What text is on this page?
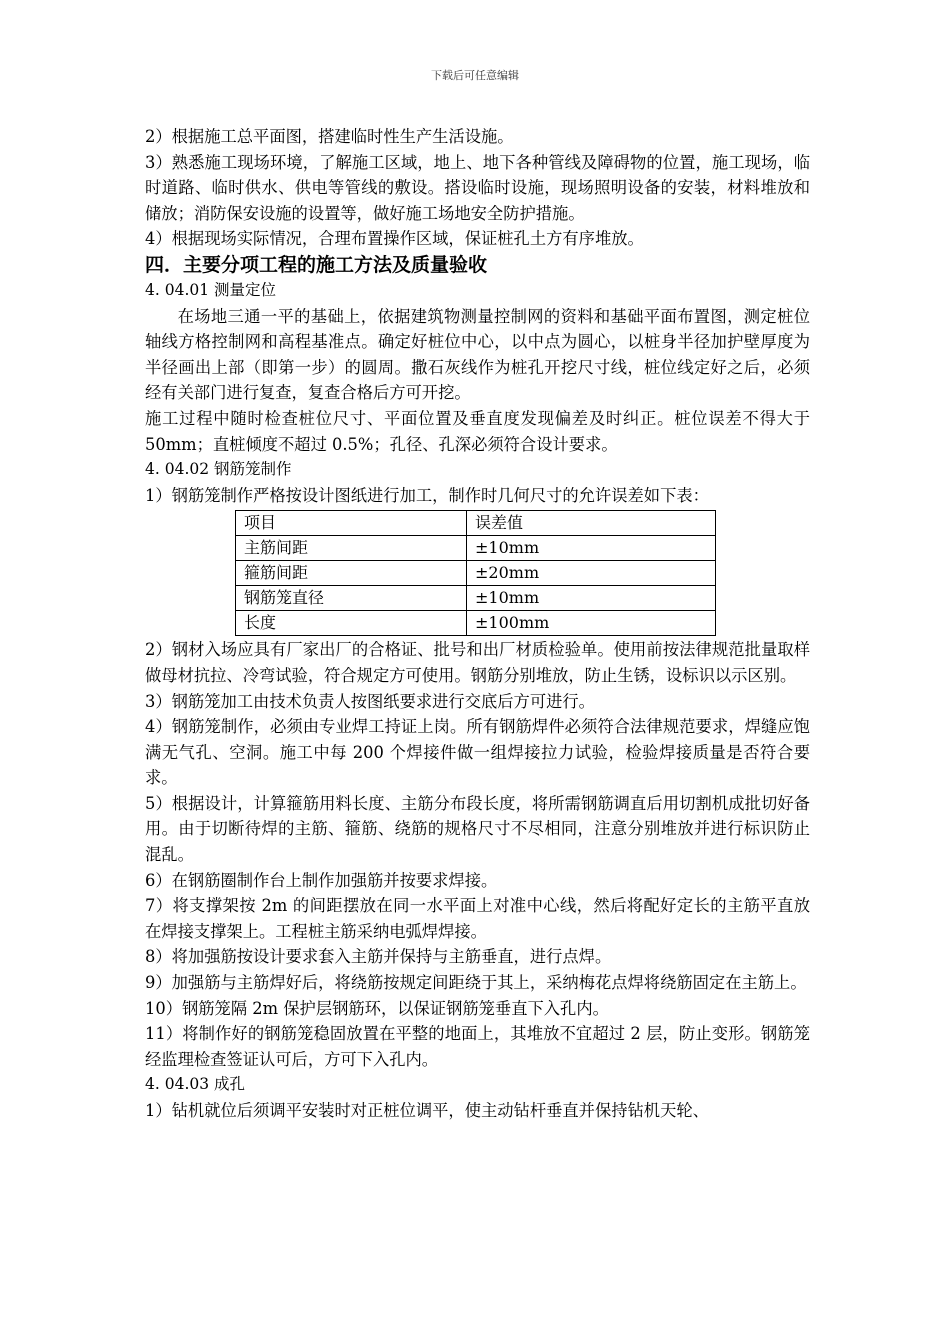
下载后可任意编辑

2）根据施工总平面图，搭建临时性生产生活设施。

3）熟悉施工现场环境，了解施工区域，地上、地下各种管线及障碍物的位置，施工现场，临时道路、临时供水、供电等管线的敷设。搭设临时设施，现场照明设备的安装，材料堆放和储放；消防保安设施的设置等，做好施工场地安全防护措施。

4）根据现场实际情况，合理布置操作区域，保证桩孔土方有序堆放。

四．主要分项工程的施工方法及质量验收

4. 04.01 测量定位

在场地三通一平的基础上，依据建筑物测量控制网的资料和基础平面布置图，测定桩位轴线方格控制网和高程基准点。确定好桩位中心，以中点为圆心，以桩身半径加护壁厚度为半径画出上部（即第一步）的圆周。撒石灰线作为桩孔开挖尺寸线，桩位线定好之后，必须经有关部门进行复查，复查合格后方可开挖。

施工过程中随时检查桩位尺寸、平面位置及垂直度发现偏差及时纠正。桩位误差不得大于 50mm；直桩倾度不超过 0.5%；孔径、孔深必须符合设计要求。

4. 04.02 钢筋笼制作

1）钢筋笼制作严格按设计图纸进行加工，制作时几何尺寸的允许误差如下表：

项目	误差值
主筋间距	±10mm
箍筋间距	±20mm
钢筋笼直径	±10mm
长度	±100mm

2）钢材入场应具有厂家出厂的合格证、批号和出厂材质检验单。使用前按法律规范批量取样做母材抗拉、冷弯试验，符合规定方可使用。钢筋分别堆放，防止生锈，设标识以示区别。

3）钢筋笼加工由技术负责人按图纸要求进行交底后方可进行。

4）钢筋笼制作，必须由专业焊工持证上岗。所有钢筋焊件必须符合法律规范要求，焊缝应饱满无气孔、空洞。施工中每 200 个焊接件做一组焊接拉力试验，检验焊接质量是否符合要求。

5）根据设计，计算箍筋用料长度、主筋分布段长度，将所需钢筋调直后用切割机成批切好备用。由于切断待焊的主筋、箍筋、绕筋的规格尺寸不尽相同，注意分别堆放并进行标识防止混乱。

6）在钢筋圈制作台上制作加强筋并按要求焊接。

7）将支撑架按 2m 的间距摆放在同一水平面上对准中心线，然后将配好定长的主筋平直放在焊接支撑架上。工程桩主筋采纳电弧焊焊接。

8）将加强筋按设计要求套入主筋并保持与主筋垂直，进行点焊。

9）加强筋与主筋焊好后，将绕筋按规定间距绕于其上，采纳梅花点焊将绕筋固定在主筋上。

10）钢筋笼隔 2m 保护层钢筋环，以保证钢筋笼垂直下入孔内。

11）将制作好的钢筋笼稳固放置在平整的地面上，其堆放不宜超过 2 层，防止变形。钢筋笼经监理检查签证认可后，方可下入孔内。

4. 04.03 成孔

1）钻机就位后须调平安装时对正桩位调平，使主动钻杆垂直并保持钻机天轮、
